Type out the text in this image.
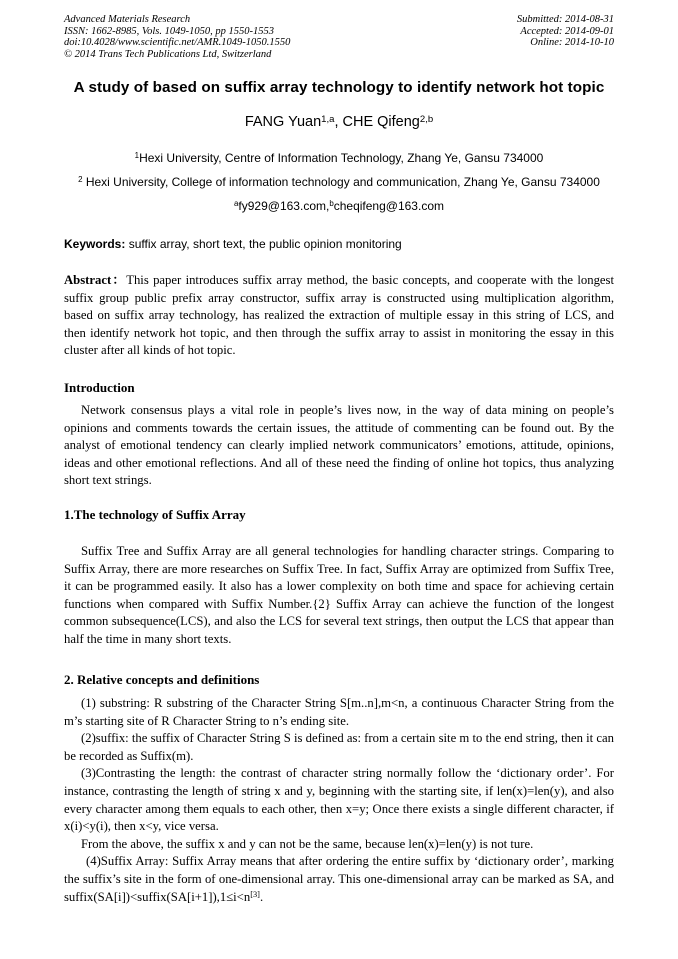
Advanced Materials Research
ISSN: 1662-8985, Vols. 1049-1050, pp 1550-1553
doi:10.4028/www.scientific.net/AMR.1049-1050.1550
© 2014 Trans Tech Publications Ltd, Switzerland
Submitted: 2014-08-31
Accepted: 2014-09-01
Online: 2014-10-10
A study of based on suffix array technology to identify network hot topic
FANG Yuan$^{1,a}$, CHE Qifeng$^{2,b}$
$^1$Hexi University, Centre of Information Technology, Zhang Ye, Gansu 734000
$^2$ Hexi University, College of information technology and communication, Zhang Ye, Gansu 734000
$^a$fy929@163.com,$^b$cheqifeng@163.com
Keywords: suffix array, short text, the public opinion monitoring
Abstract：This paper introduces suffix array method, the basic concepts, and cooperate with the longest suffix group public prefix array constructor, suffix array is constructed using multiplication algorithm, based on suffix array technology, has realized the extraction of multiple essay in this string of LCS, and then identify network hot topic, and then through the suffix array to assist in monitoring the essay in this cluster after all kinds of hot topic.
Introduction

Network consensus plays a vital role in people’s lives now, in the way of data mining on people’s opinions and comments towards the certain issues, the attitude of commenting can be found out. By the analyst of emotional tendency can clearly implied network communicators’ emotions, attitude, opinions, ideas and other emotional reflections. And all of these need the finding of online hot topics, thus analyzing short text strings.

1.The technology of Suffix Array

Suffix Tree and Suffix Array are all general technologies for handling character strings. Comparing to Suffix Array, there are more researches on Suffix Tree. In fact, Suffix Array are optimized from Suffix Tree, it can be programmed easily. It also has a lower complexity on both time and space for achieving certain functions when compared with Suffix Number.{2} Suffix Array can achieve the function of the longest common subsequence(LCS), and also the LCS for several text strings, then output the LCS that appear than half the time in many short texts.

2. Relative concepts and definitions

(1) substring: R substring of the Character String S[m..n],m<n, a continuous Character String from the m’s starting site of R Character String to n’s ending site.

(2)suffix: the suffix of Character String S is defined as: from a certain site m to the end string, then it can be recorded as Suffix(m).

(3)Contrasting the length: the contrast of character string normally follow the ‘dictionary order’. For instance, contrasting the length of string x and y, beginning with the starting site, if len(x)=len(y), and also every character among them equals to each other, then x=y; Once there exists a single different character, if x(i)<y(i), then x<y, vice versa.

From the above, the suffix x and y can not be the same, because len(x)=len(y) is not ture.

(4)Suffix Array: Suffix Array means that after ordering the entire suffix by ‘dictionary order’, marking the suffix’s site in the form of one-dimensional array. This one-dimensional array can be marked as SA, and suffix(SA[i])<suffix(SA[i+1]),1≤i<n[3].
